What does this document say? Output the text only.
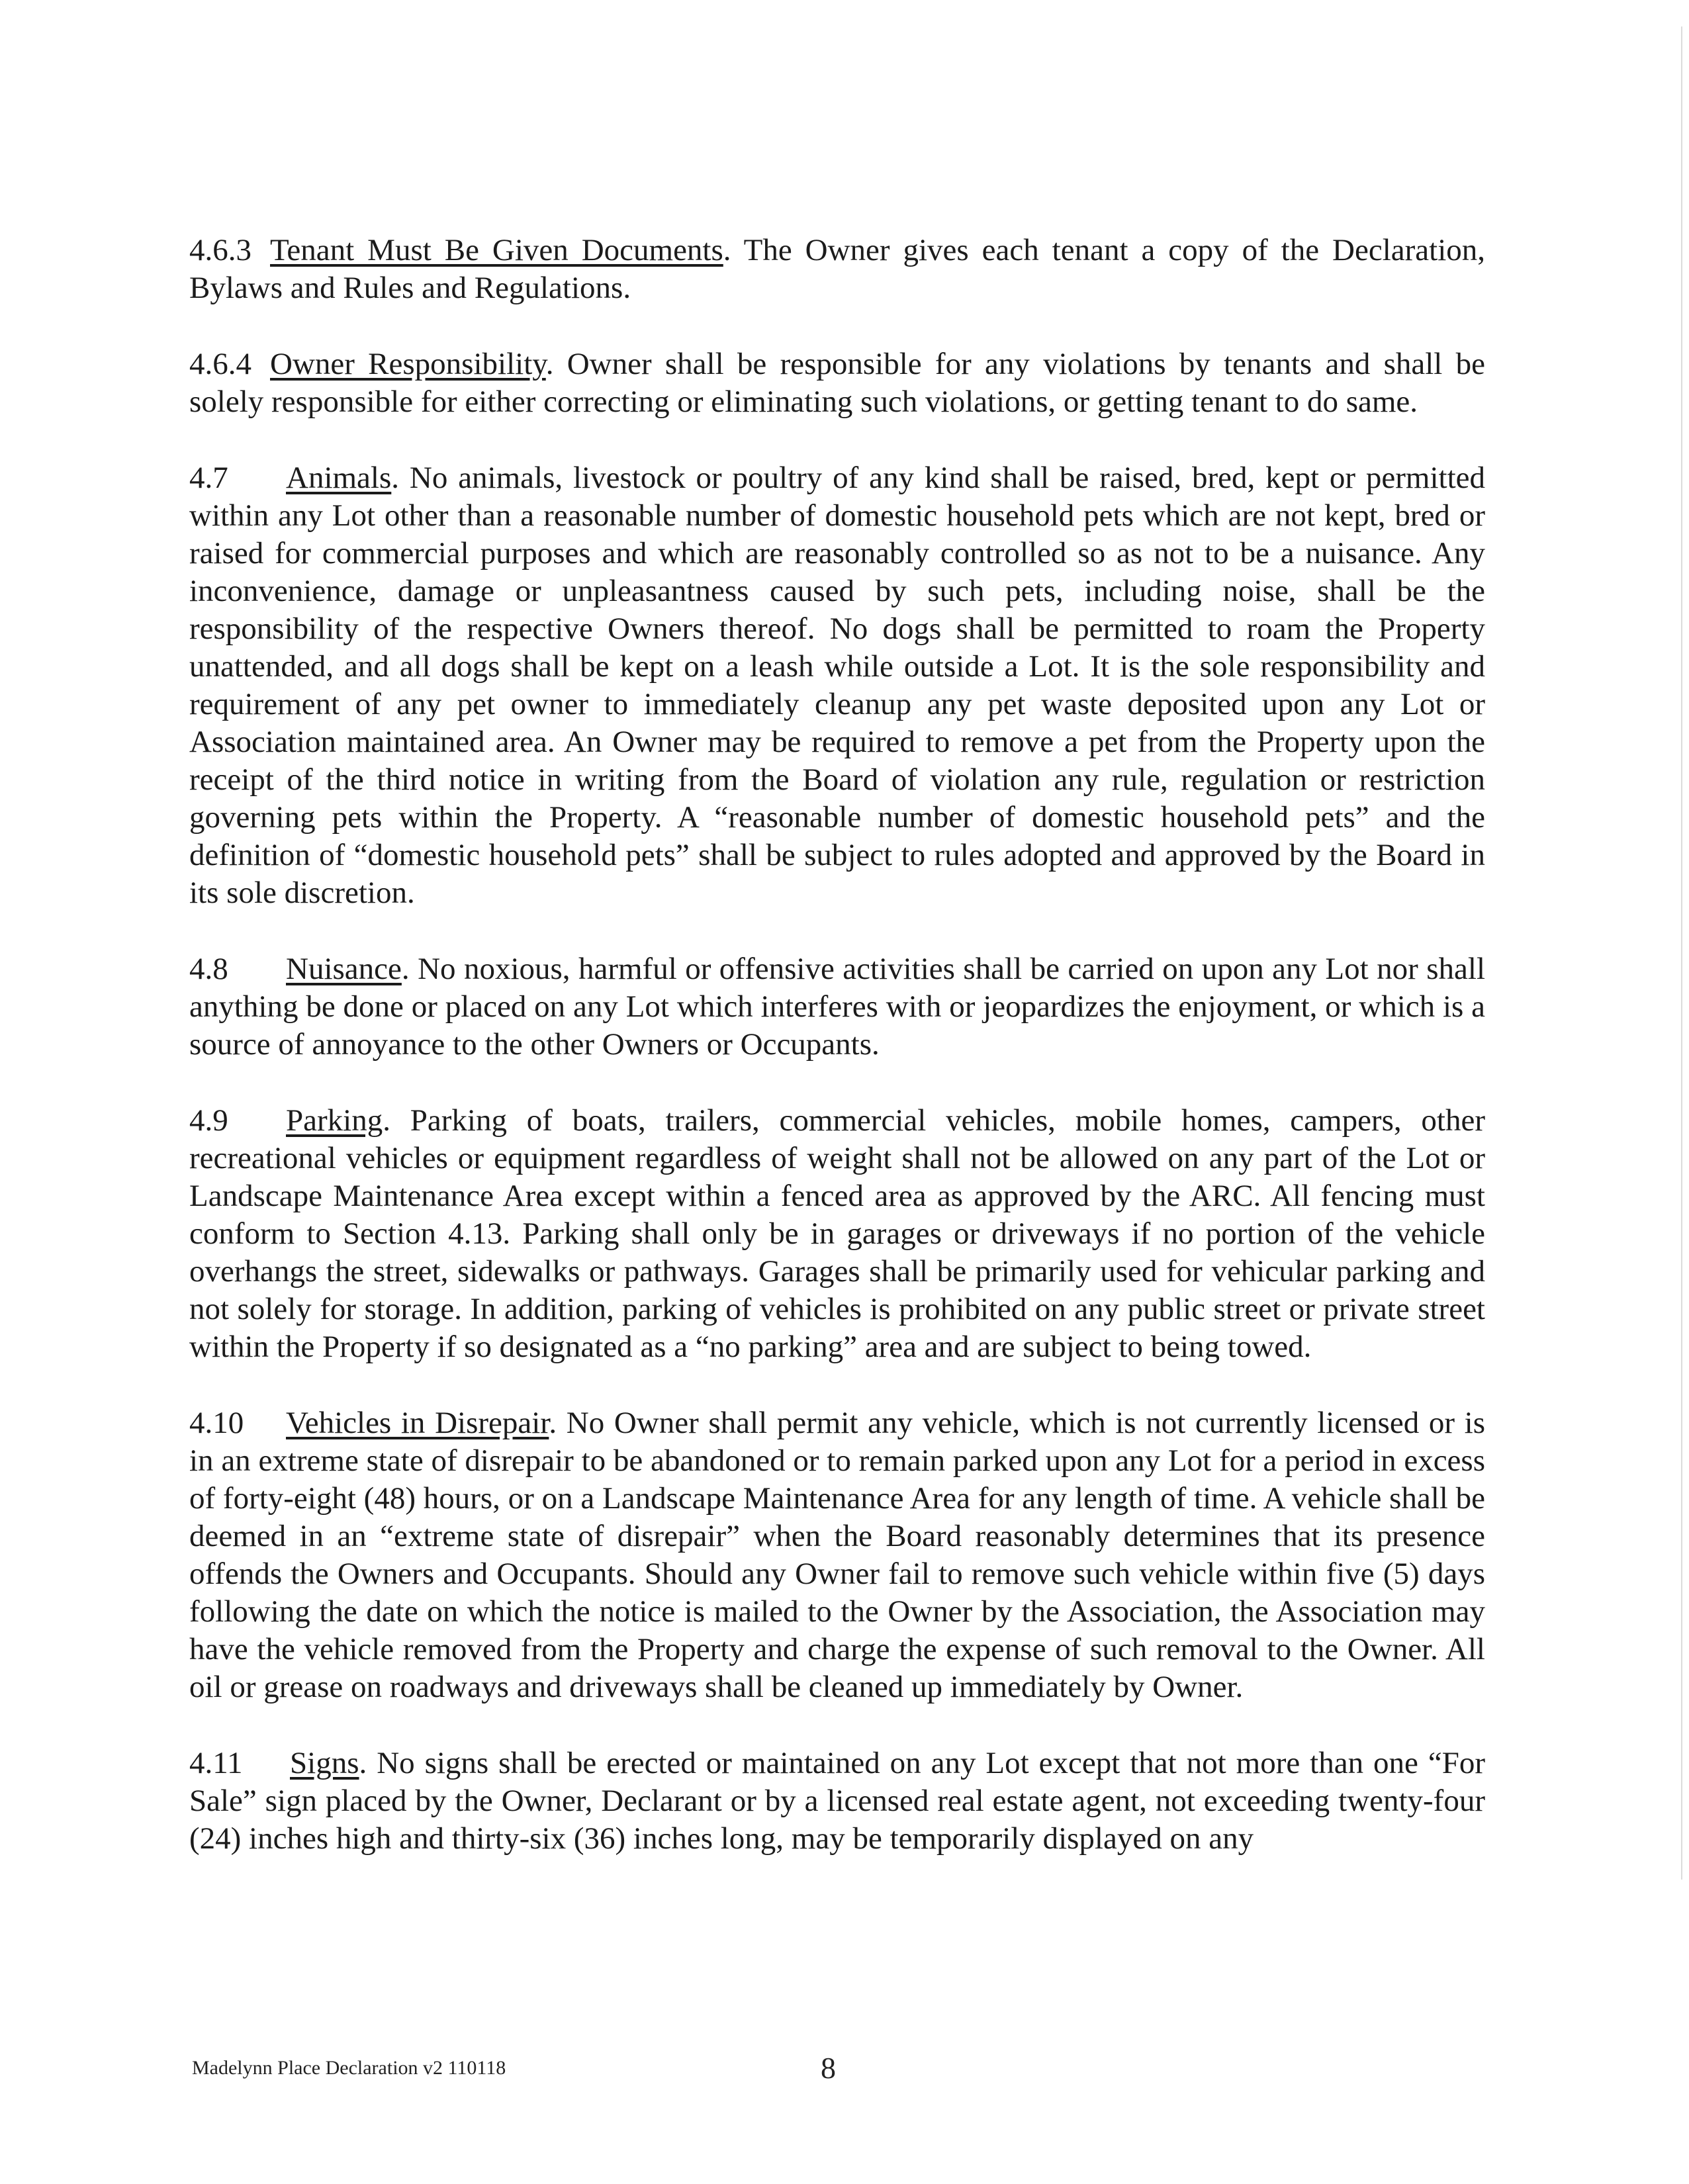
4.6.3 Tenant Must Be Given Documents. The Owner gives each tenant a copy of the Declaration, Bylaws and Rules and Regulations.

4.6.4 Owner Responsibility. Owner shall be responsible for any violations by tenants and shall be solely responsible for either correcting or eliminating such violations, or getting tenant to do same.

4.7 Animals. No animals, livestock or poultry of any kind shall be raised, bred, kept or permitted within any Lot other than a reasonable number of domestic household pets which are not kept, bred or raised for commercial purposes and which are reasonably controlled so as not to be a nuisance. Any inconvenience, damage or unpleasantness caused by such pets, including noise, shall be the responsibility of the respective Owners thereof. No dogs shall be permitted to roam the Property unattended, and all dogs shall be kept on a leash while outside a Lot. It is the sole responsibility and requirement of any pet owner to immediately cleanup any pet waste deposited upon any Lot or Association maintained area. An Owner may be required to remove a pet from the Property upon the receipt of the third notice in writing from the Board of violation any rule, regulation or restriction governing pets within the Property. A “reasonable number of domestic household pets” and the definition of “domestic household pets” shall be subject to rules adopted and approved by the Board in its sole discretion.

4.8 Nuisance. No noxious, harmful or offensive activities shall be carried on upon any Lot nor shall anything be done or placed on any Lot which interferes with or jeopardizes the enjoyment, or which is a source of annoyance to the other Owners or Occupants.

4.9 Parking. Parking of boats, trailers, commercial vehicles, mobile homes, campers, other recreational vehicles or equipment regardless of weight shall not be allowed on any part of the Lot or Landscape Maintenance Area except within a fenced area as approved by the ARC. All fencing must conform to Section 4.13. Parking shall only be in garages or driveways if no portion of the vehicle overhangs the street, sidewalks or pathways. Garages shall be primarily used for vehicular parking and not solely for storage. In addition, parking of vehicles is prohibited on any public street or private street within the Property if so designated as a “no parking” area and are subject to being towed.

4.10 Vehicles in Disrepair. No Owner shall permit any vehicle, which is not currently licensed or is in an extreme state of disrepair to be abandoned or to remain parked upon any Lot for a period in excess of forty-eight (48) hours, or on a Landscape Maintenance Area for any length of time. A vehicle shall be deemed in an “extreme state of disrepair” when the Board reasonably determines that its presence offends the Owners and Occupants. Should any Owner fail to remove such vehicle within five (5) days following the date on which the notice is mailed to the Owner by the Association, the Association may have the vehicle removed from the Property and charge the expense of such removal to the Owner. All oil or grease on roadways and driveways shall be cleaned up immediately by Owner.

4.11 Signs. No signs shall be erected or maintained on any Lot except that not more than one “For Sale” sign placed by the Owner, Declarant or by a licensed real estate agent, not exceeding twenty-four (24) inches high and thirty-six (36) inches long, may be temporarily displayed on any

Madelynn Place Declaration v2 110118	8
